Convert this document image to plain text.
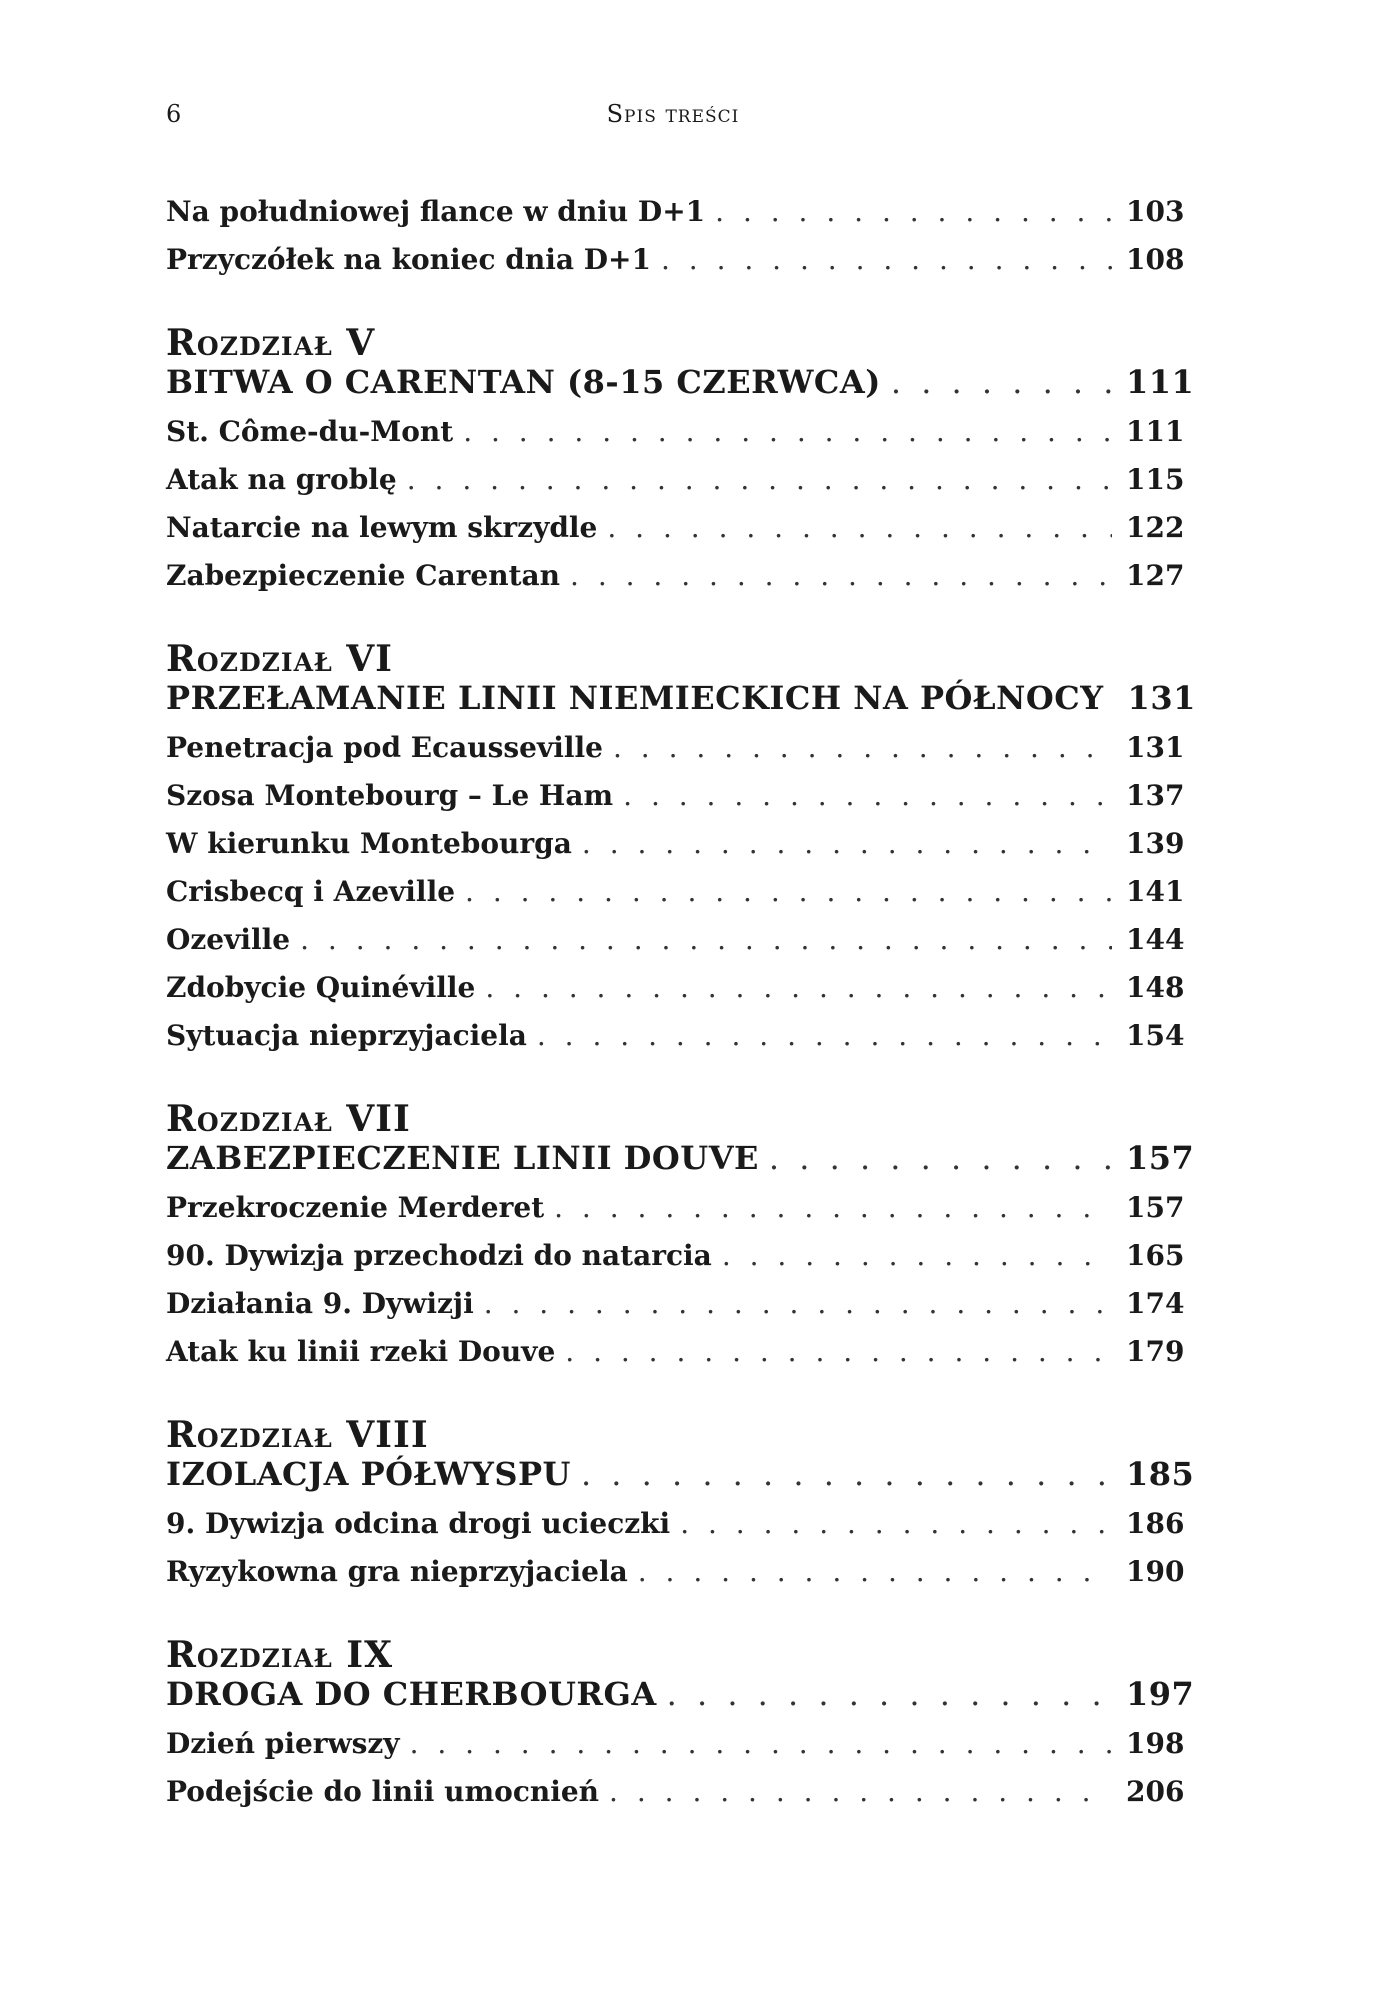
6	Spis treści
Na południowej flance w dniu D+1 . . .	103
Przyczółek na koniec dnia D+1 . . .	108
Rozdział V
BITWA O CARENTAN (8-15 CZERWCA) . . .	111
St. Côme-du-Mont . . .	111
Atak na groblę . . .	115
Natarcie na lewym skrzydle . . .	122
Zabezpieczenie Carentan . . .	127
Rozdział VI
PRZEŁAMANIE LINII NIEMIECKICH NA PÓŁNOCY 131
Penetracja pod Ecausseville . . .	131
Szosa Montebourg – Le Ham . . .	137
W kierunku Montebourga . . .	139
Crisbecq i Azeville . . .	141
Ozeville . . .	144
Zdobycie Quinéville . . .	148
Sytuacja nieprzyjaciela . . .	154
Rozdział VII
ZABEZPIECZENIE LINII DOUVE . . .	157
Przekroczenie Merderet . . .	157
90. Dywizja przechodzi do natarcia . . .	165
Działania 9. Dywizji . . .	174
Atak ku linii rzeki Douve . . .	179
Rozdział VIII
IZOLACJA PÓŁWYSPU . . .	185
9. Dywizja odcina drogi ucieczki . . .	186
Ryzykowna gra nieprzyjaciela . . .	190
Rozdział IX
DROGA DO CHERBOURGA . . .	197
Dzień pierwszy . . .	198
Podejście do linii umocnień . . .	206
